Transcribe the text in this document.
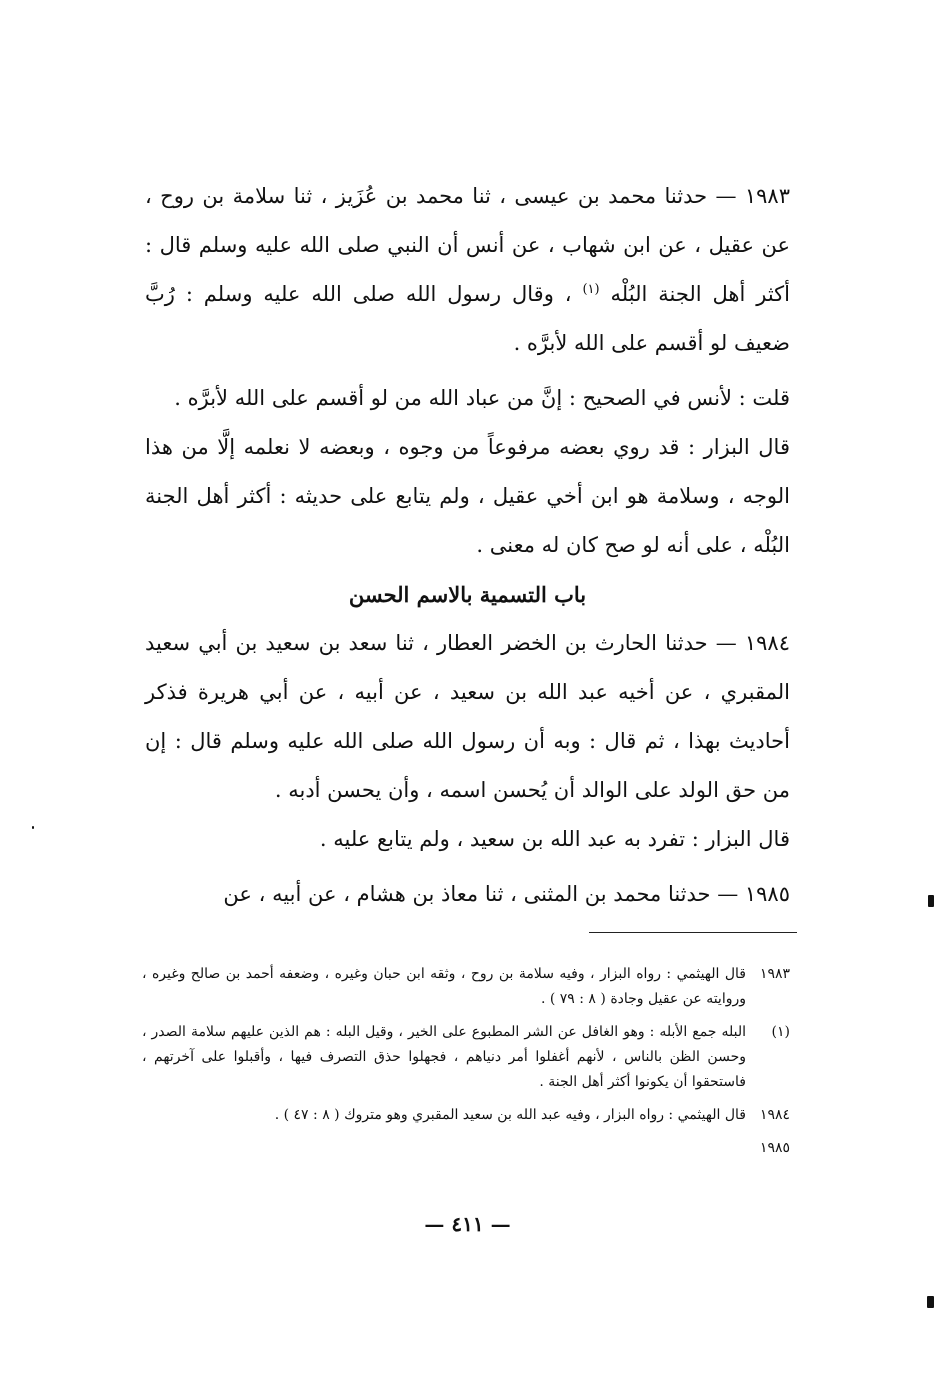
١٩٨٣ — حدثنا محمد بن عيسى ، ثنا محمد بن عُزَيز ، ثنا سلامة بن روح ، عن عقيل ، عن ابن شهاب ، عن أنس أن النبي صلى الله عليه وسلم قال : أكثر أهل الجنة البُلْه $^{(١)}$ ، وقال رسول الله صلى الله عليه وسلم : رُبَّ ضعيف لو أقسم على الله لأبرَّه .

قلت : لأنس في الصحيح : إنَّ من عباد الله من لو أقسم على الله لأبرَّه .

قال البزار : قد روي بعضه مرفوعاً من وجوه ، وبعضه لا نعلمه إلَّا من هذا الوجه ، وسلامة هو ابن أخي عقيل ، ولم يتابع على حديثه : أكثر أهل الجنة البُلْه ، على أنه لو صح كان له معنى .

باب التسمية بالاسم الحسن

١٩٨٤ — حدثنا الحارث بن الخضر العطار ، ثنا سعد بن سعيد بن أبي سعيد المقبري ، عن أخيه عبد الله بن سعيد ، عن أبيه ، عن أبي هريرة فذكر أحاديث بهذا ، ثم قال : وبه أن رسول الله صلى الله عليه وسلم قال : إن من حق الولد على الوالد أن يُحسن اسمه ، وأن يحسن أدبه .

قال البزار : تفرد به عبد الله بن سعيد ، ولم يتابع عليه .

١٩٨٥ — حدثنا محمد بن المثنى ، ثنا معاذ بن هشام ، عن أبيه ، عن

١٩٨٣
قال الهيثمي : رواه البزار ، وفيه سلامة بن روح ، وثقه ابن حبان وغيره ، وضعفه أحمد بن صالح وغيره ، وروايته عن عقيل وجادة ( ٨ : ٧٩ ) .
(١)
البله جمع الأبله : وهو الغافل عن الشر المطبوع على الخير ، وقيل البله : هم الذين عليهم سلامة الصدر ، وحسن الظن بالناس ، لأنهم أغفلوا أمر دنياهم ، فجهلوا حذق التصرف فيها ، وأقبلوا على آخرتهم ، فاستحقوا أن يكونوا أكثر أهل الجنة .
١٩٨٤
قال الهيثمي : رواه البزار ، وفيه عبد الله بن سعيد المقبري وهو متروك ( ٨ : ٤٧ ) .
١٩٨٥
— ٤١١ —
